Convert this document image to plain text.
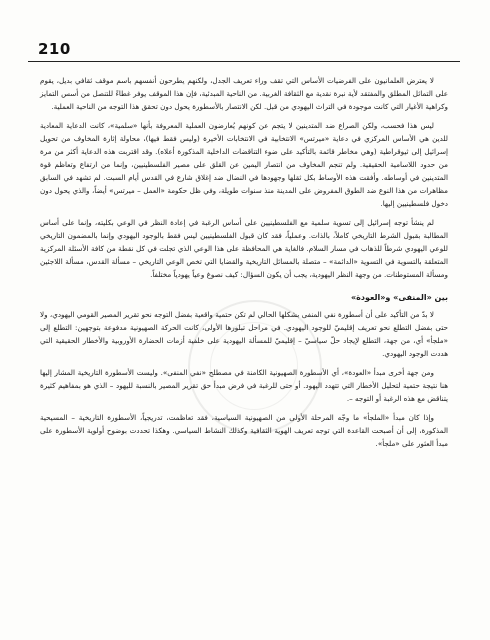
210

لا يعترض العلمانيون على الفرضيات الأساس التي تقف وراء تعريف الجدل، ولكنهم يطرحون أنفسهم باسم موقف ثقافي بديل، يقوم على التماثل المطلق والمفتقد لأية نبرة نقدية مع الثقافة الغربية. من الناحية المبدئية، فإن هذا الموقف يوفر غطاءً للتنصل من أسس التمايز وكراهية الأغيار التي كانت موجودة في التراث اليهودي من قبل. لكن الانتصار بالأسطورة يحول دون تحقق هذا التوجه من الناحية العملية.

ليس هذا فحسب، ولكن الصراع ضد المتدينين لا يتجم عن كونهم يُعارضون العملية المعروفة بأنها «سلمية»، كانت الدعاية المعادية للدين هي الأساس المركزي في دعاية «ميرتس» الانتخابية في الانتخابات الأخيرة (وليس فقط فيها)، محاولة إثارة المخاوف من تحويل إسرائيل إلى ثيوقراطية (وهي مخاطر قائمة بالتأكيد على ضوء التناقضات الداخلية المذكورة أعلاه). وقد اقتربت هذه الدعاية أكثر من مرة من حدود اللاسامية الحقيقية. ولم تنجم المخاوف من انتصار اليمين عن القلق على مصير الفلسطينيين، وإنما من ارتفاع وتعاظم قوة المتدينين في أوساطه. وأفقت هذه الأوساط بكل ثقلها وجهودها في النضال ضد إغلاق شارع في القدس أيام السبت. لم تشهد في السابق مظاهرات من هذا النوع ضد الطوق المفروض على المدينة منذ سنوات طويلة، وفي ظل حكومة «العمل – ميرتس» أيضاً، والذي يحول دون دخول فلسطينيين إليها.

لم ينشأ توجه إسرائيل إلى تسوية سلمية مع الفلسطينيين على أساس الرغبة في إعادة النظر في الوعي بكليته، وإنما على أساس المطالبة بقبول الشرط التاريخي كاملاً، بالذات. وعملياً، فقد كان قبول الفلسطينيين ليس فقط بالوجود اليهودي وإنما بالمضمون التاريخي للوعي اليهودي شرطاً للذهاب في مسار السلام. فالغاية هي المحافظة على هذا الوعي الذي تجلت في كل نقطة من كافة الأسئلة المركزية المتعلقة بالتسوية في التسوية «الدائمة» – متصلة بالمسائل التاريخية والقضايا التي تخص الوعي التاريخي – مسألة القدس، مسألة اللاجئين ومسألة المستوطنات. من وجهة النظر اليهودية، يجب أن يكون السؤال: كيف نصوغ وعياً يهودياً مختلفاً.

بين «المنفى» و«العودة»

لا بدّ من التأكيد على أن أسطورة نفي المنفى بشكلها الحالي لم تكن حتمية واقعية بفضل التوجه نحو تقرير المصير القومي اليهودي، ولا حتى بفضل التطلع نحو تعريف إقليميّ للوجود اليهودي. في مراحل تبلورها الأولى، كانت الحركة الصهيونية مدفوعة بتوجهين: التطلع إلى «ملجأ» أي، من جهة، التطلع لإيجاد حلّ سياسيّ – إقليميّ للمسألة اليهودية على خلفية أزمات الحضارة الأوروبية والأخطار الحقيقية التي هددت الوجود اليهودي.

ومن جهة أخرى مبدأ «العودة»، أي الأسطورة الصهيونية الكامنة في مصطلح «نفي المنفى». وليست الأسطورة التاريخية المشار إليها هنا نتيجة حتمية لتحليل الأخطار التي تتهدد اليهود. أو حتى للرغبة في فرض مبدأ حق تقرير المصير بالنسبة لليهود – الذي هو بمفاهيم كثيرة يتناقض مع هذه الرغبة أو التوجه –.

وإذا كان مبدأ «الملجأ» ما وجّه المرحلة الأولى من الصهيونية السياسية، فقد تعاظمت، تدريجياً، الأسطورة التاريخية – المسيحية المذكورة، إلى أن أصبحت القاعدة التي توجه تعريف الهوية الثقافية وكذلك النشاط السياسي. وهكذا تحددت بوضوح أولوية الأسطورة على مبدأ العثور على «ملجأ».
